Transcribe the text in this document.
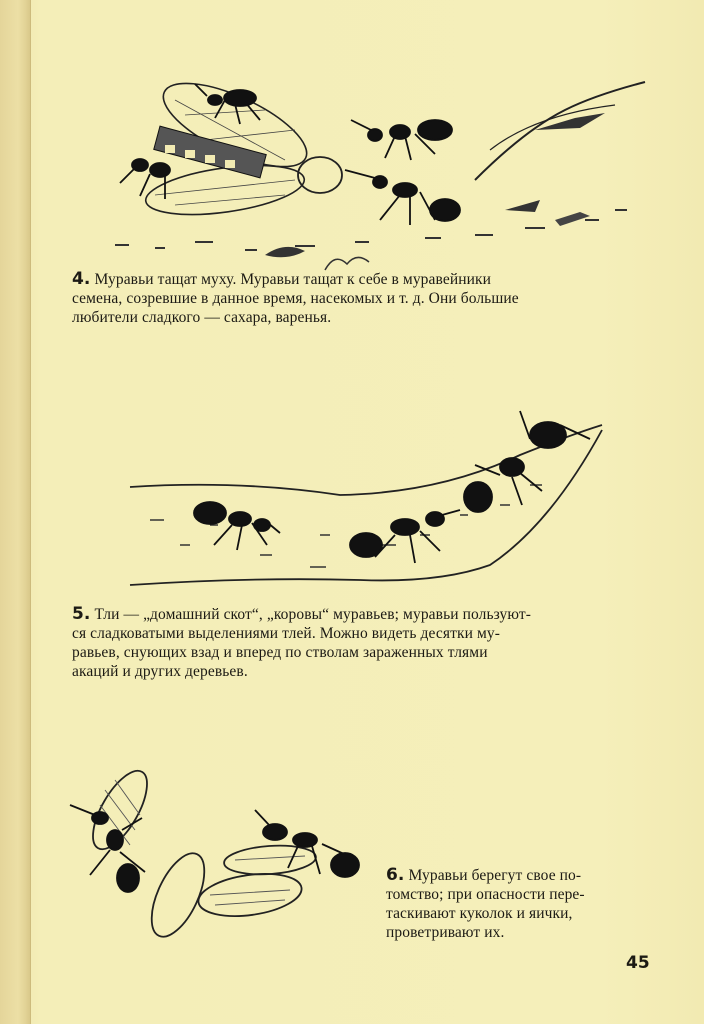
4. Муравьи тащат муху. Муравьи тащат к себе в муравейники
семена, созревшие в данное время, насекомых и т. д. Они большие
любители сладкого — сахара, варенья.
5. Тли — „домашний скот“, „коровы“ муравьев; муравьи пользуют-
ся сладковатыми выделениями тлей. Можно видеть десятки му-
равьев, снующих взад и вперед по стволам зараженных тлями
акаций и других деревьев.
6. Муравьи берегут свое по-
томство; при опасности пере-
таскивают куколок и яички,
проветривают их.
45
